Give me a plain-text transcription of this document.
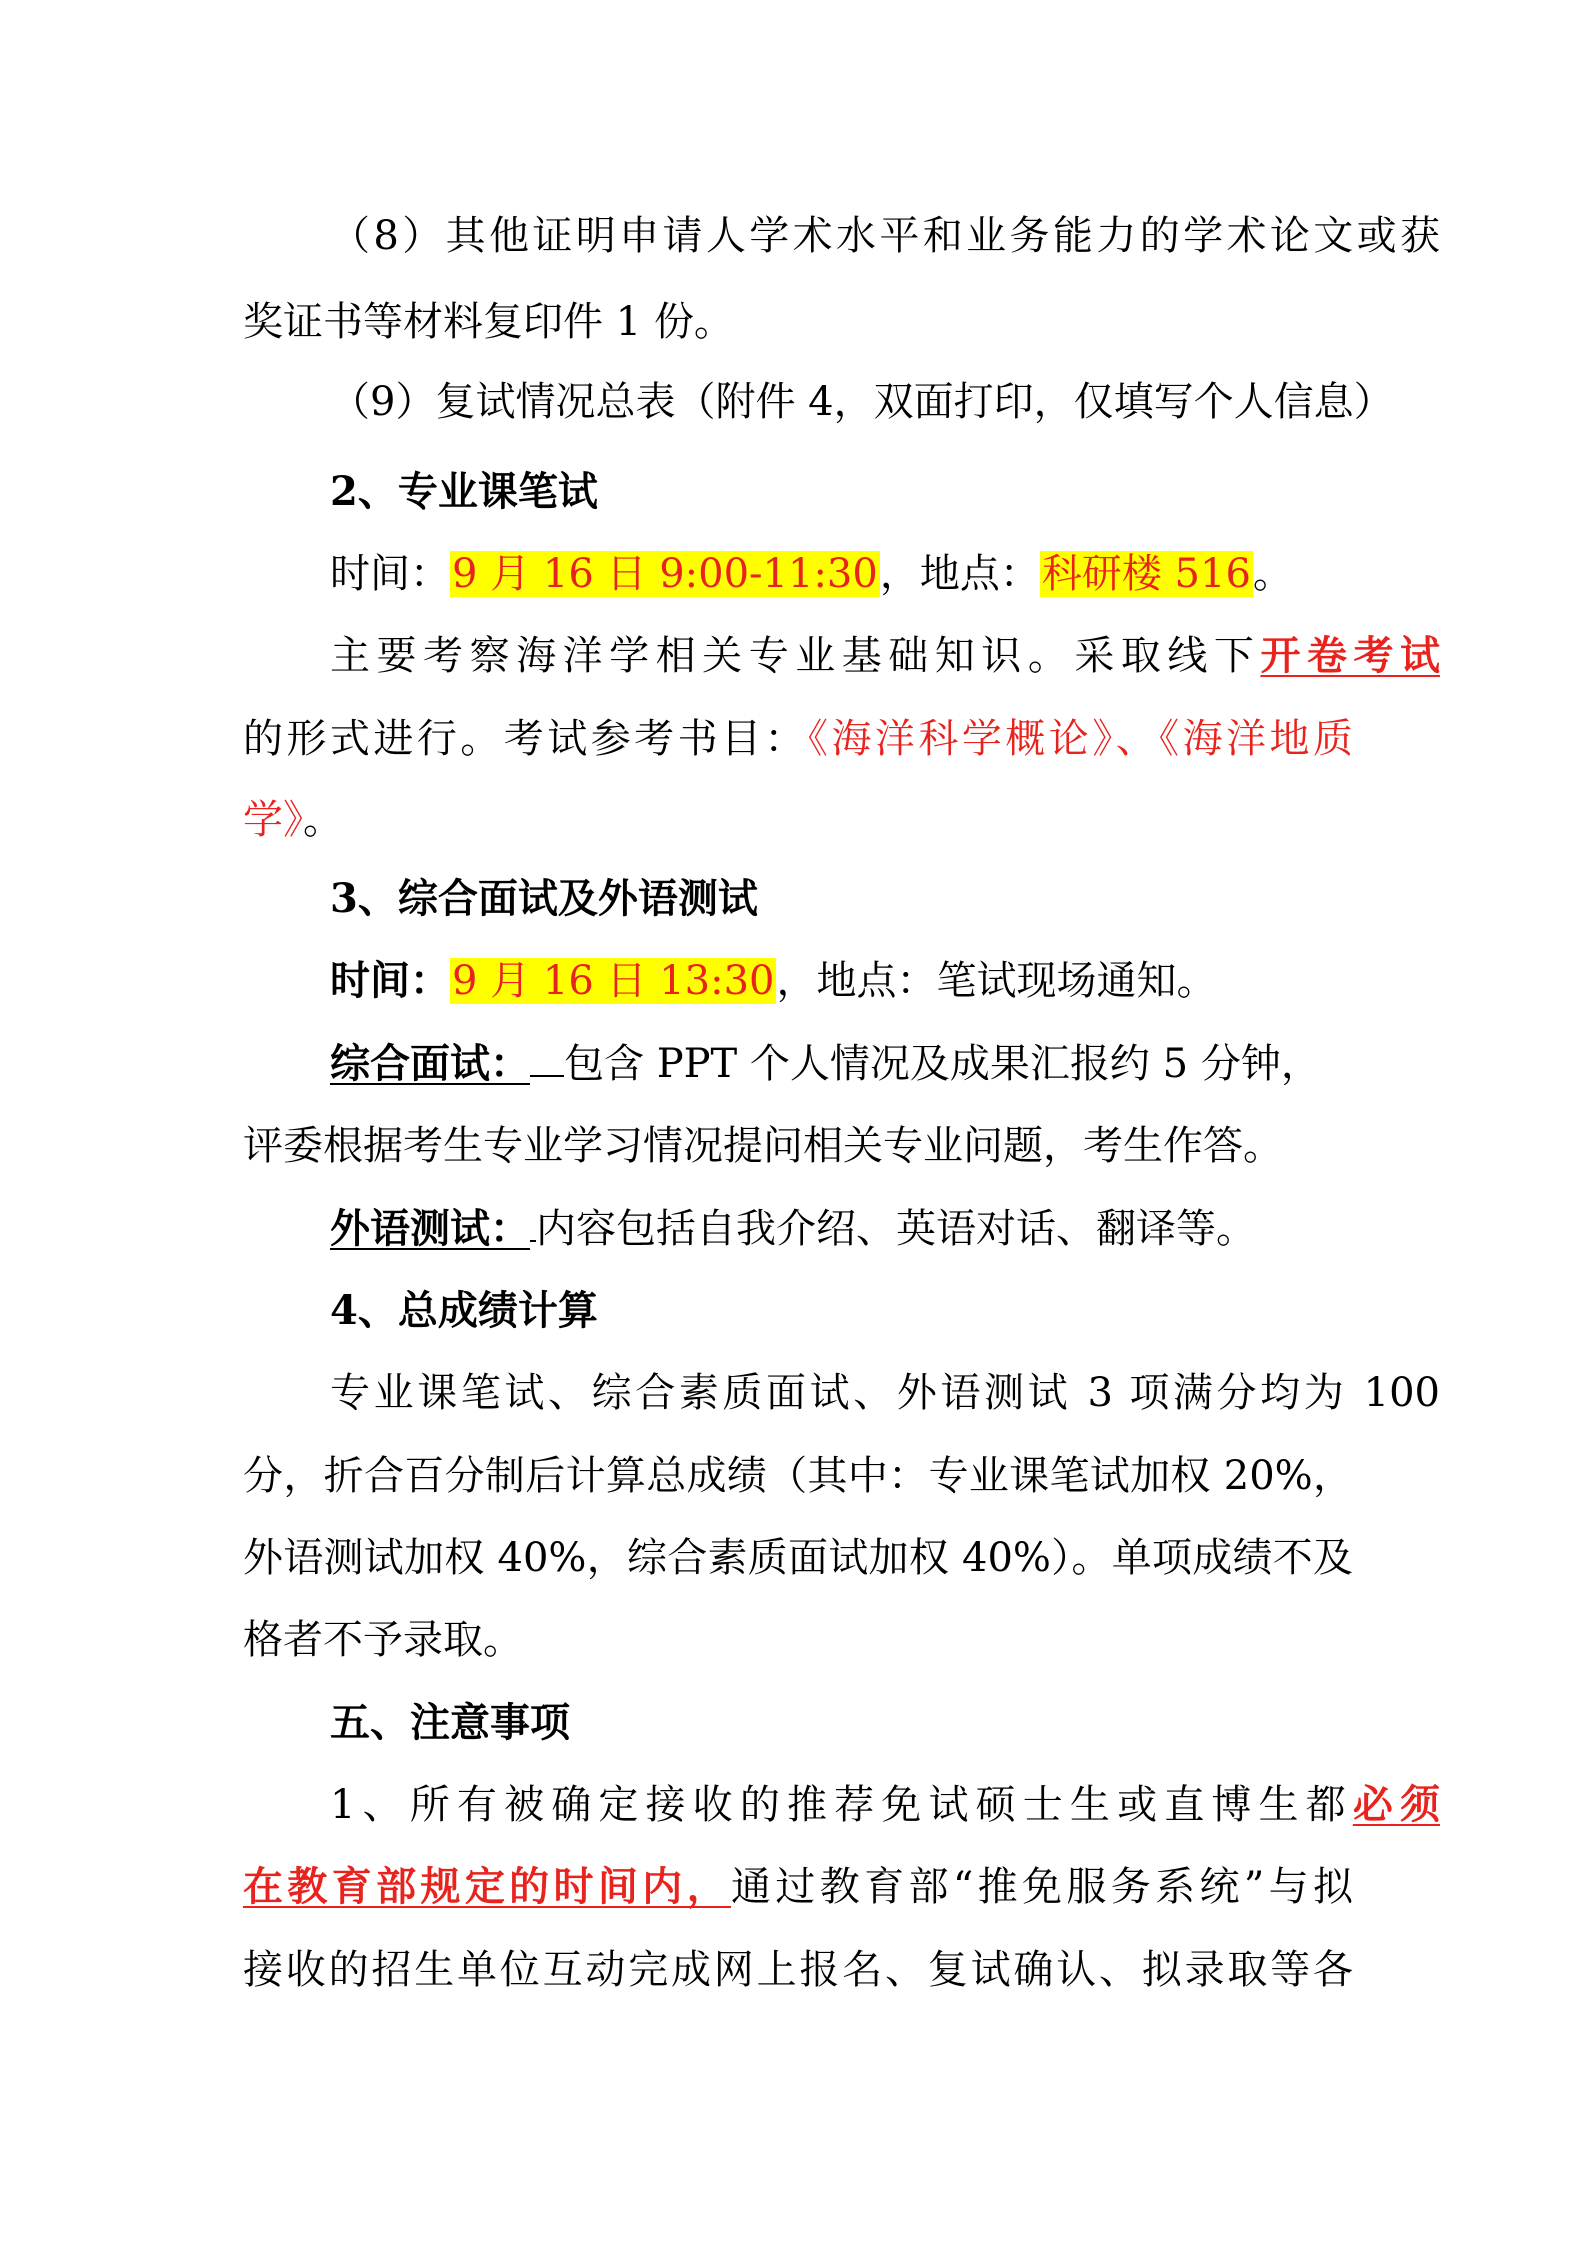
（8）其他证明申请人学术水平和业务能力的学术论文或获
奖证书等材料复印件 1 份。
（9）复试情况总表（附件 4，双面打印，仅填写个人信息）
2、专业课笔试
时间：9 月 16 日 9:00-11:30，地点：科研楼 516。
主要考察海洋学相关专业基础知识。采取线下开卷考试
的形式进行。考试参考书目：《海洋科学概论》、《海洋地质
学》。
3、综合面试及外语测试
时间：9 月 16 日 13:30，地点：笔试现场通知。
综合面试： 包含 PPT 个人情况及成果汇报约 5 分钟，
评委根据考生专业学习情况提问相关专业问题，考生作答。
外语测试： 内容包括自我介绍、英语对话、翻译等。
4、总成绩计算
专业课笔试、综合素质面试、外语测试 3 项满分均为 100
分，折合百分制后计算总成绩（其中：专业课笔试加权 20%，
外语测试加权 40%，综合素质面试加权 40%）。单项成绩不及
格者不予录取。
五、注意事项
1、所有被确定接收的推荐免试硕士生或直博生都必须
在教育部规定的时间内，通过教育部“推免服务系统”与拟
接收的招生单位互动完成网上报名、复试确认、拟录取等各
